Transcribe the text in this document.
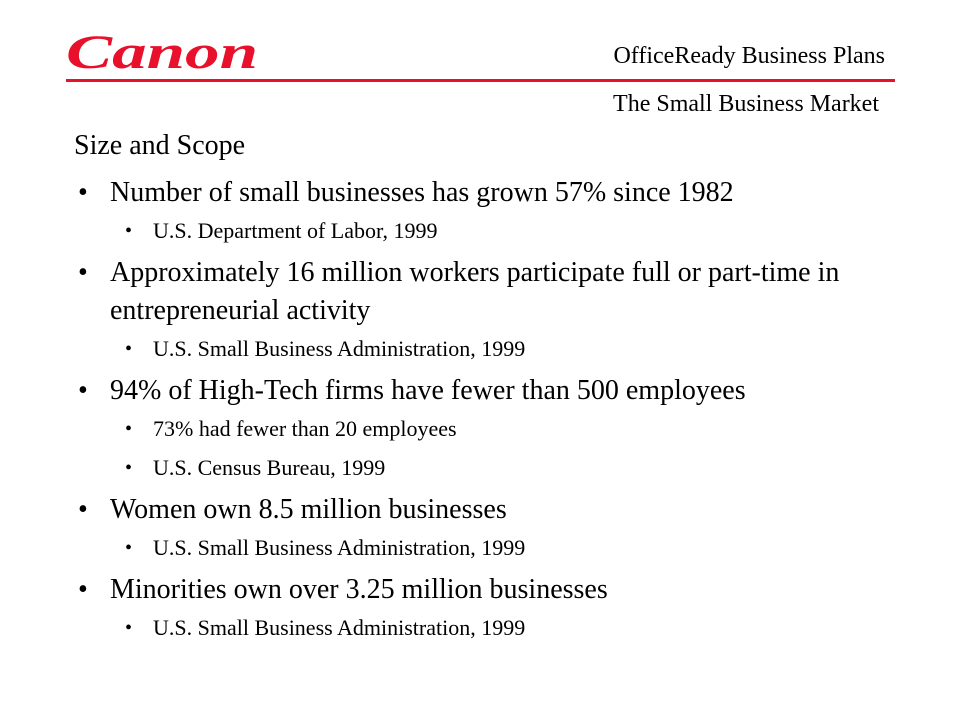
Canon	OfficeReady Business Plans
The Small Business Market
Size and Scope

• Number of small businesses has grown 57% since 1982

• U.S. Department of Labor, 1999

• Approximately 16 million workers participate full or part-time in entrepreneurial activity

• U.S. Small Business Administration, 1999

• 94% of High-Tech firms have fewer than 500 employees

• 73% had fewer than 20 employees

• U.S. Census Bureau, 1999

• Women own 8.5 million businesses

• U.S. Small Business Administration, 1999

• Minorities own over 3.25 million businesses

• U.S. Small Business Administration, 1999
